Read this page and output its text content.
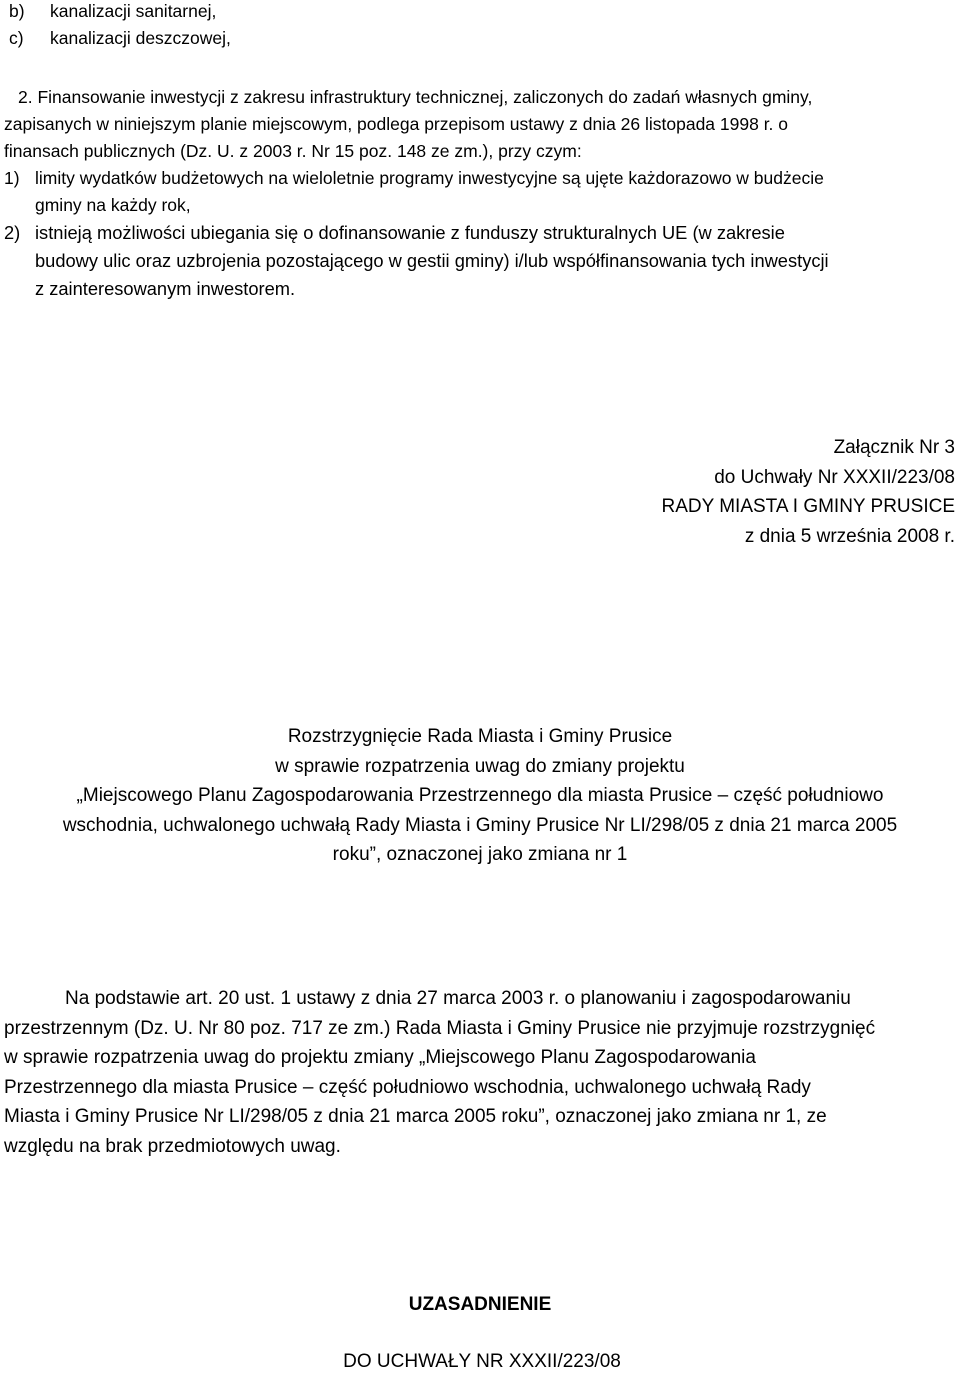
b)	kanalizacji sanitarnej,
c)	kanalizacji deszczowej,
2. Finansowanie inwestycji z zakresu infrastruktury technicznej, zaliczonych do zadań własnych gminy,
zapisanych w niniejszym planie miejscowym, podlega przepisom ustawy z dnia 26 listopada 1998 r. o
finansach publicznych (Dz. U. z 2003 r. Nr 15 poz. 148 ze zm.), przy czym:
1) limity wydatków budżetowych na wieloletnie programy inwestycyjne są ujęte każdorazowo w budżecie
gminy na każdy rok,
2) istnieją możliwości ubiegania się o dofinansowanie z funduszy strukturalnych UE (w zakresie
budowy ulic oraz uzbrojenia pozostającego w gestii gminy) i/lub współfinansowania tych inwestycji
z zainteresowanym inwestorem.
Załącznik Nr 3
do Uchwały Nr XXXII/223/08
RADY MIASTA I GMINY PRUSICE
z dnia 5 września 2008 r.
Rozstrzygnięcie Rada Miasta i Gminy Prusice
w sprawie rozpatrzenia uwag do zmiany projektu
„Miejscowego Planu Zagospodarowania Przestrzennego dla miasta Prusice – część południowo
wschodnia, uchwalonego uchwałą Rady Miasta i Gminy Prusice Nr LI/298/05 z dnia 21 marca 2005
roku”, oznaczonej jako zmiana nr 1
Na podstawie art. 20 ust. 1 ustawy z dnia 27 marca 2003 r. o planowaniu i zagospodarowaniu
przestrzennym (Dz. U. Nr 80 poz. 717 ze zm.) Rada Miasta i Gminy Prusice nie przyjmuje rozstrzygnięć
w sprawie rozpatrzenia uwag do projektu zmiany „Miejscowego Planu Zagospodarowania
Przestrzennego dla miasta Prusice – część południowo wschodnia, uchwalonego uchwałą Rady
Miasta i Gminy Prusice Nr LI/298/05 z dnia 21 marca 2005 roku”, oznaczonej jako zmiana nr 1, ze
względu na brak przedmiotowych uwag.
UZASADNIENIE
DO UCHWAŁY NR XXXII/223/08
